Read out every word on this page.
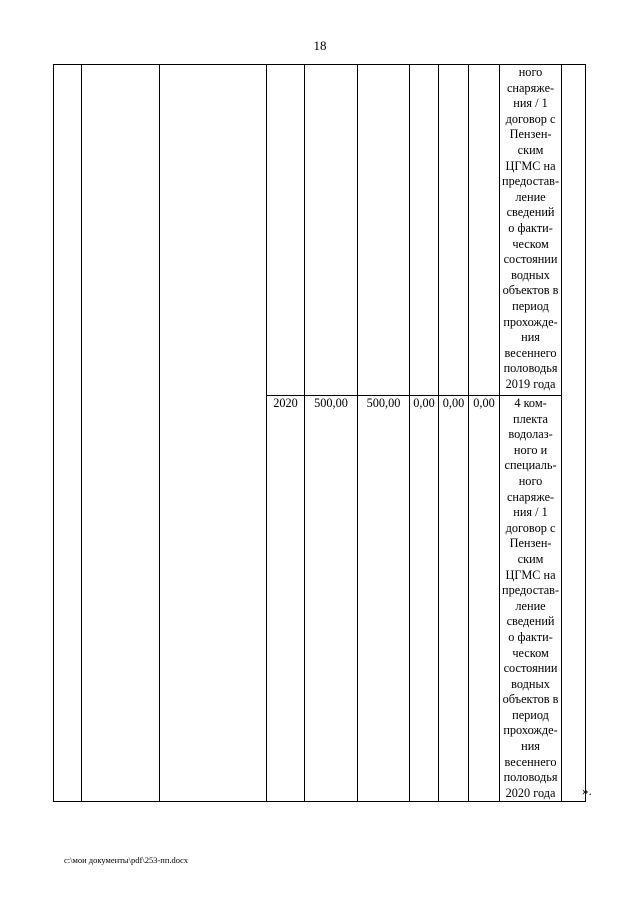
18
									ного снаряже- ния / 1 договор с Пензен- ским ЦГМС на предостав- ление сведений о факти- ческом состоянии водных объектов в период прохожде- ния весеннего половодья 2019 года	
			2020	500,00	500,00	0,00	0,00	0,00	4 ком- плекта водолаз- ного и специаль- ного снаряже- ния / 1 договор с Пензен- ским ЦГМС на предостав- ление сведений о факти- ческом состоянии водных объектов в период прохожде- ния весеннего половодья 2020 года	».
c:\мои документы\pdf\253-пп.docx
